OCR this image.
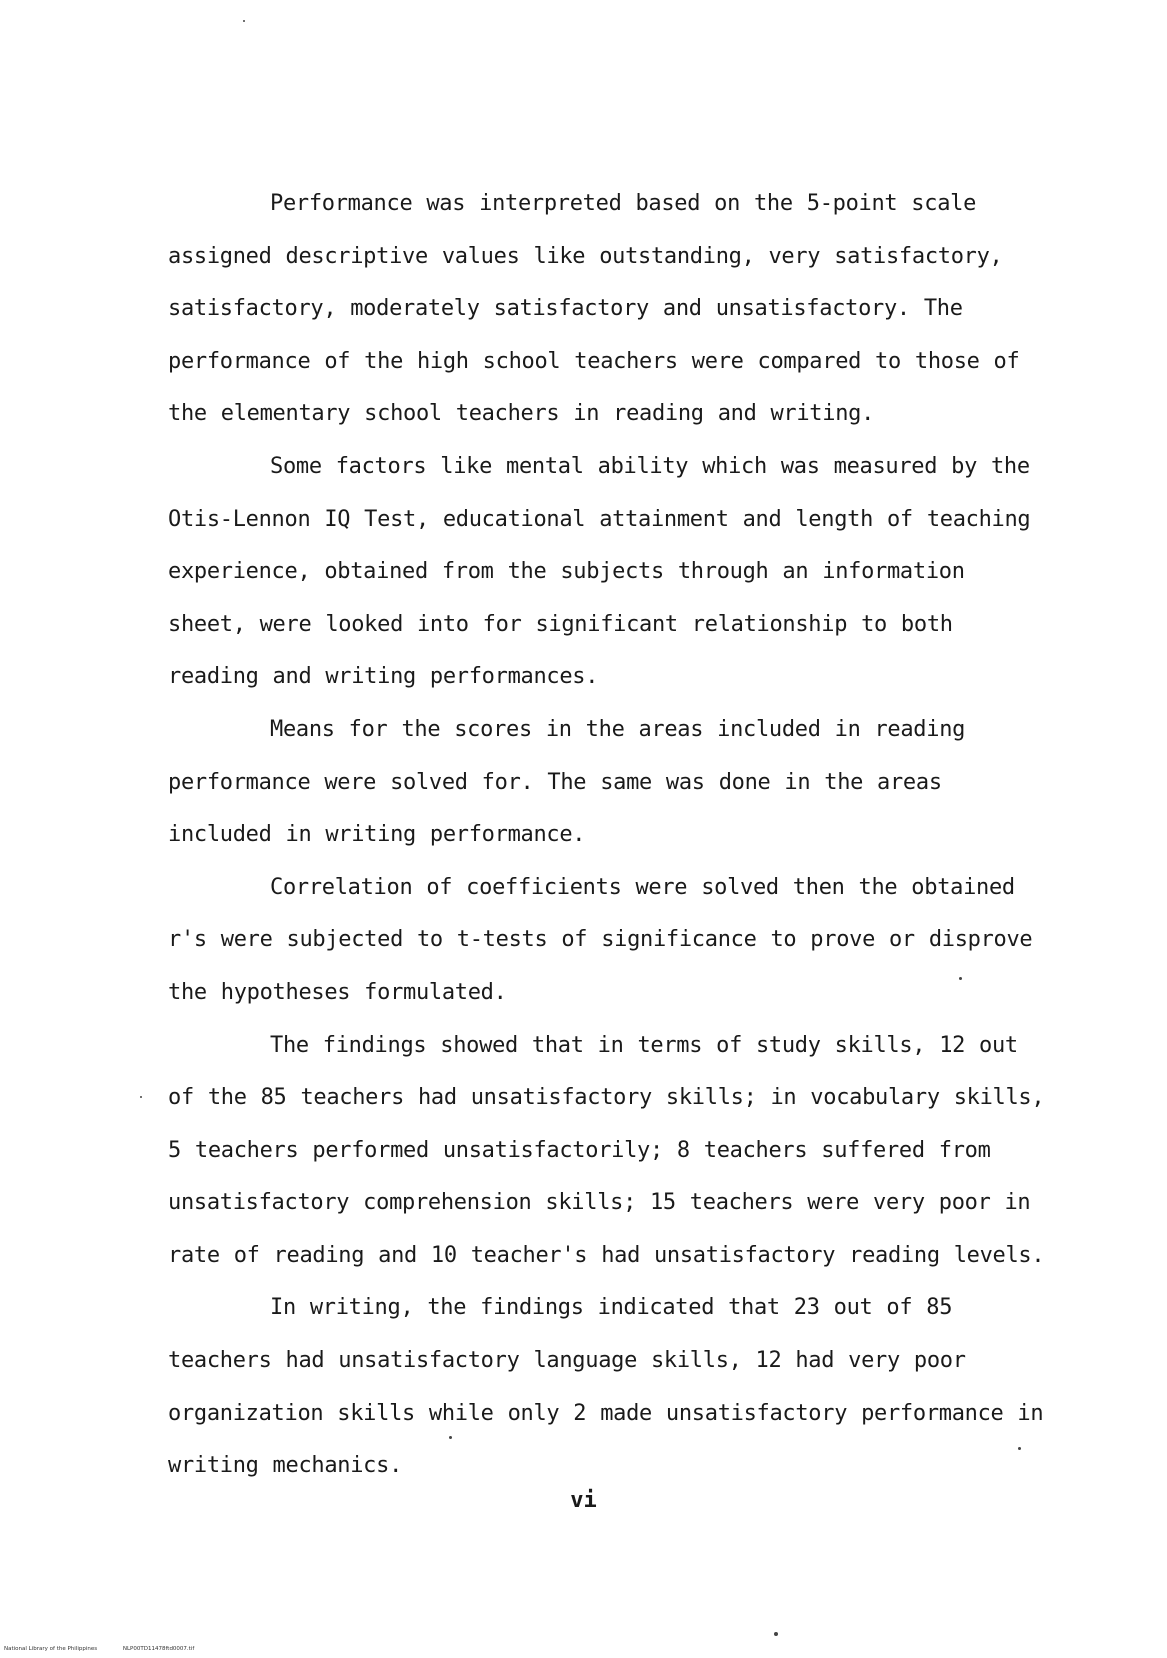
Performance was interpreted based on the 5-point scale assigned descriptive values like outstanding, very satisfactory, satisfactory, moderately satisfactory and unsatisfactory. The performance of the high school teachers were compared to those of the elementary school teachers in reading and writing.

Some factors like mental ability which was measured by the Otis-Lennon IQ Test, educational attainment and length of teaching experience, obtained from the subjects through an information sheet, were looked into for significant relationship to both reading and writing performances.

Means for the scores in the areas included in reading performance were solved for. The same was done in the areas included in writing performance.

Correlation of coefficients were solved then the obtained r's were subjected to t-tests of significance to prove or disprove the hypotheses formulated.

The findings showed that in terms of study skills, 12 out of the 85 teachers had unsatisfactory skills; in vocabulary skills, 5 teachers performed unsatisfactorily; 8 teachers suffered from unsatisfactory comprehension skills; 15 teachers were very poor in rate of reading and 10 teacher's had unsatisfactory reading levels.

In writing, the findings indicated that 23 out of 85 teachers had unsatisfactory language skills, 12 had very poor organization skills while only 2 made unsatisfactory performance in writing mechanics.

vi
National Library of the Philippines	NLP00TD11478ftd0007.tif
